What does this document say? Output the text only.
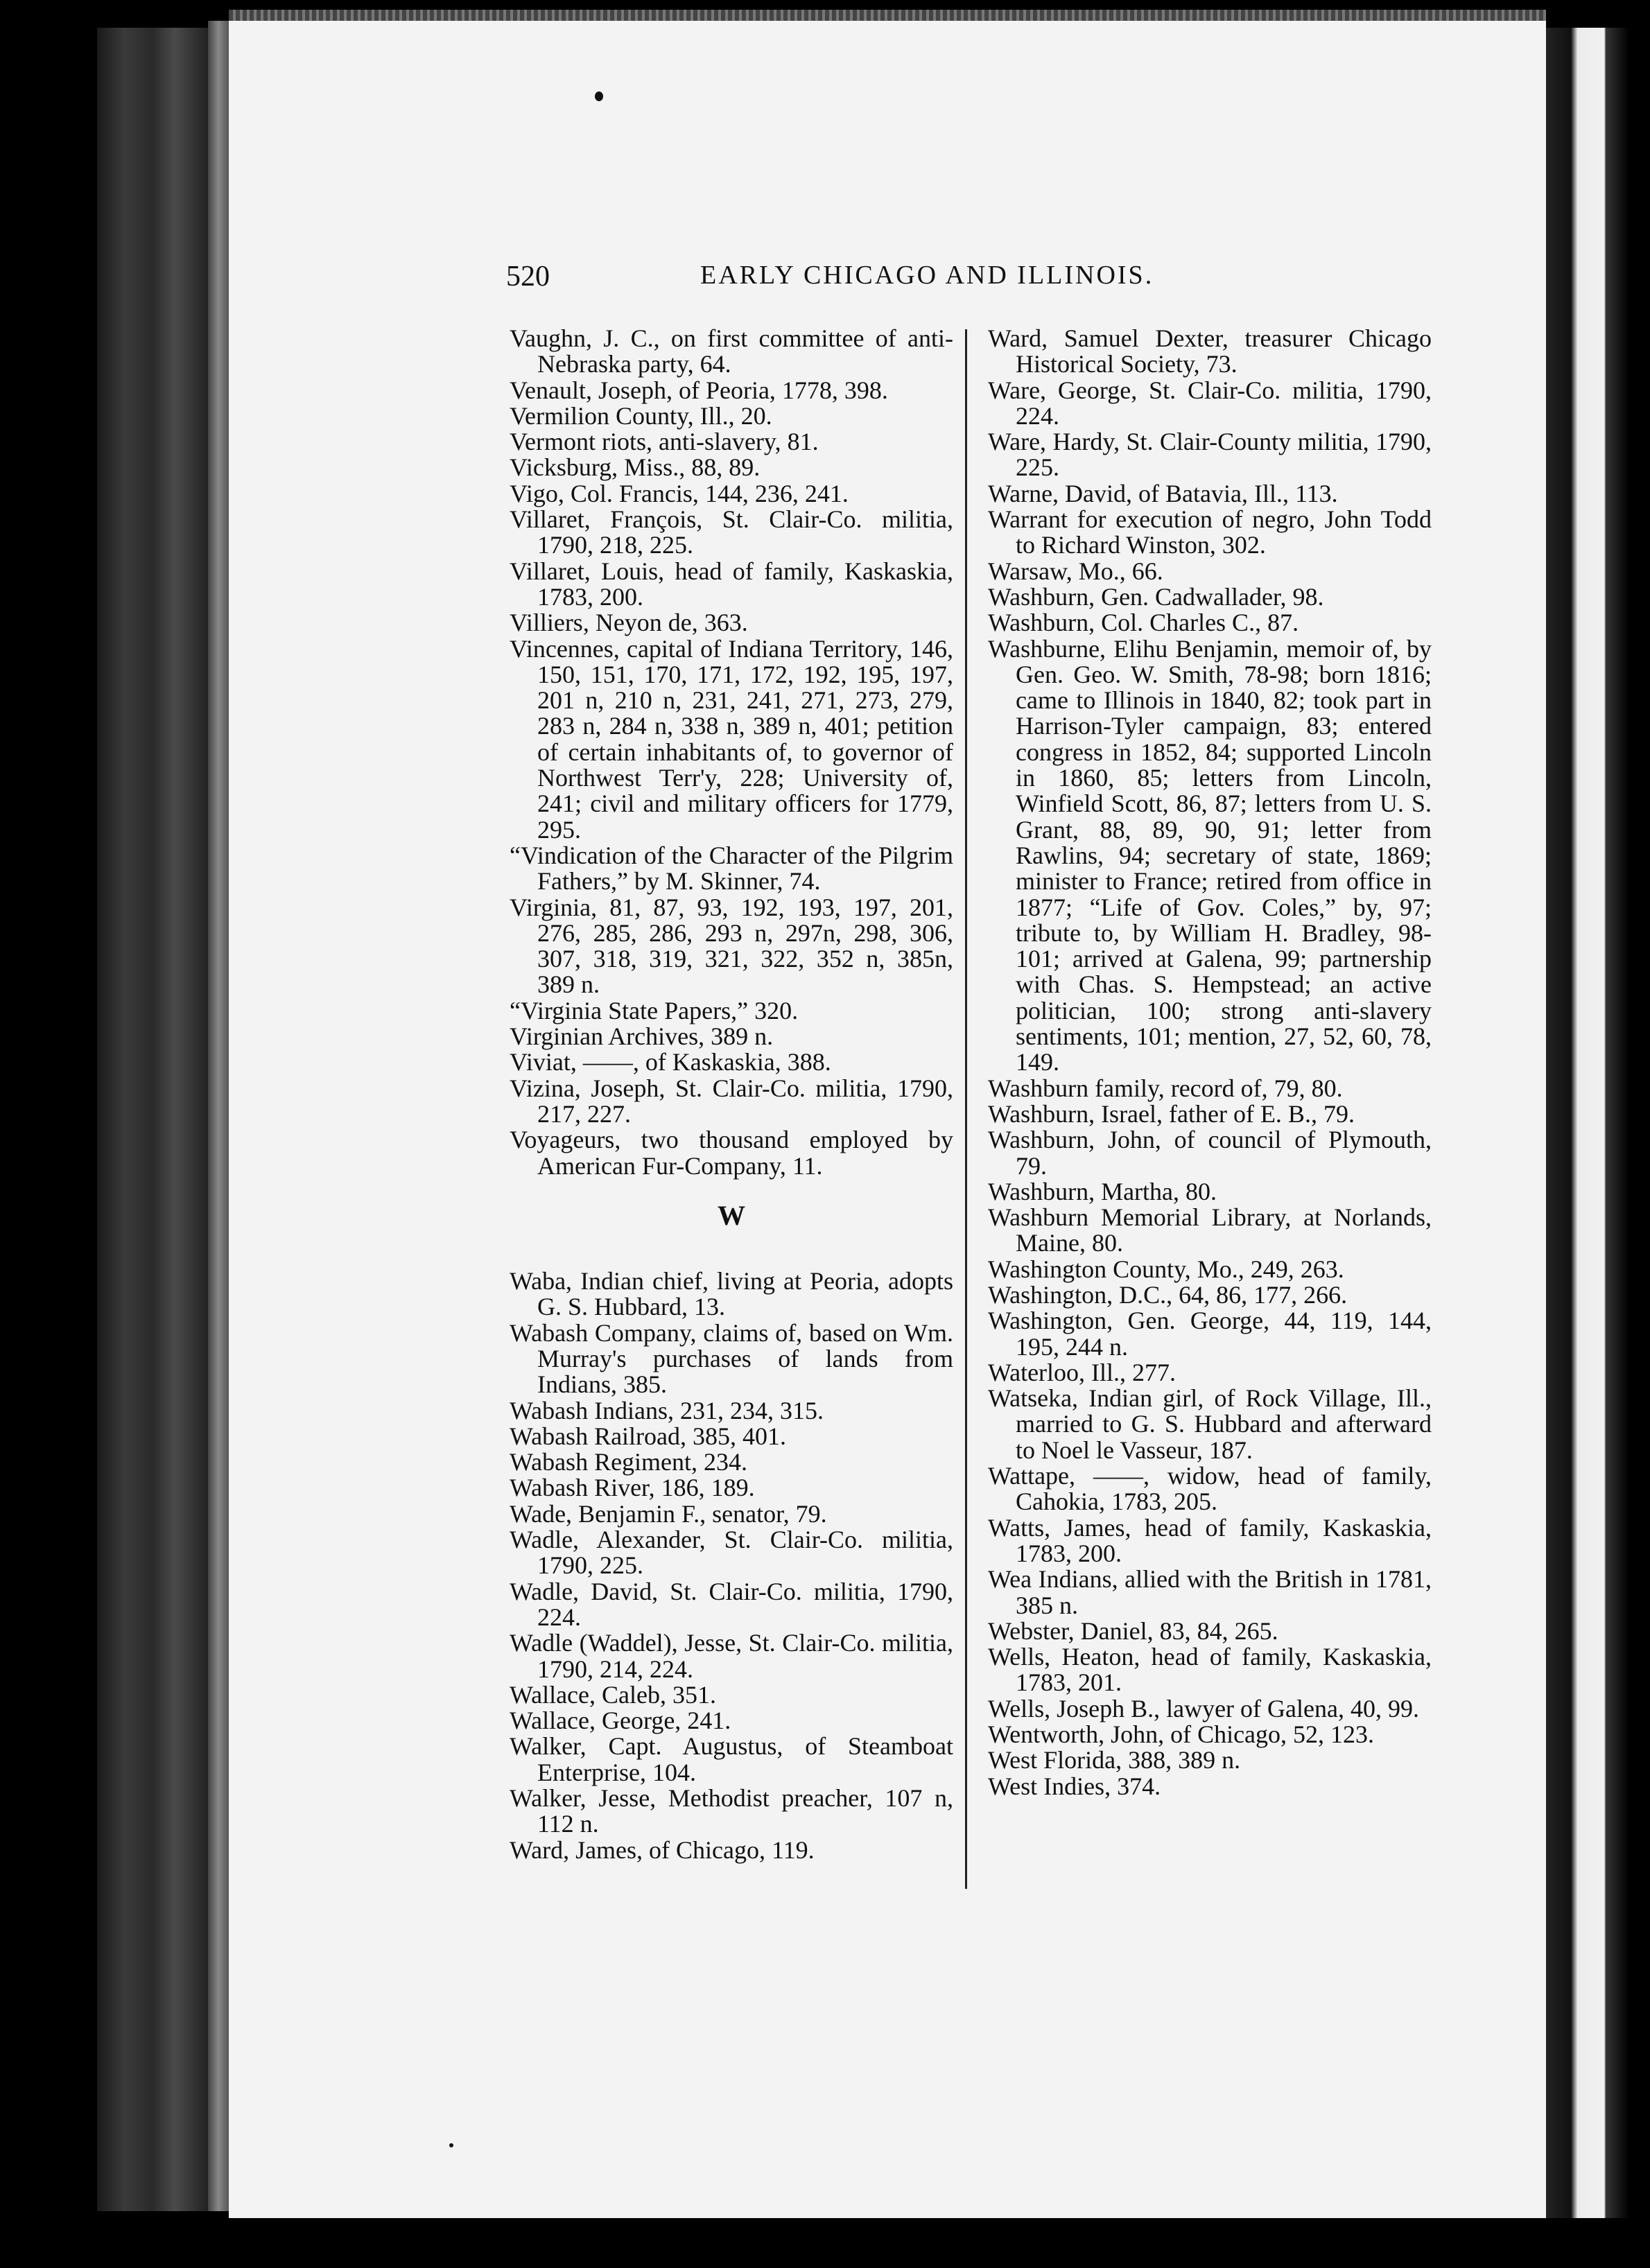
520	EARLY CHICAGO AND ILLINOIS.
Vaughn, J. C., on first committee of anti-Nebraska party, 64.
Venault, Joseph, of Peoria, 1778, 398.
Vermilion County, Ill., 20.
Vermont riots, anti-slavery, 81.
Vicksburg, Miss., 88, 89.
Vigo, Col. Francis, 144, 236, 241.
Villaret, François, St. Clair-Co. militia, 1790, 218, 225.
Villaret, Louis, head of family, Kaskaskia, 1783, 200.
Villiers, Neyon de, 363.
Vincennes, capital of Indiana Territory, 146, 150, 151, 170, 171, 172, 192, 195, 197, 201 n, 210 n, 231, 241, 271, 273, 279, 283 n, 284 n, 338 n, 389 n, 401; petition of certain inhabitants of, to governor of Northwest Terr'y, 228; University of, 241; civil and military officers for 1779, 295.
“Vindication of the Character of the Pilgrim Fathers,” by M. Skinner, 74.
Virginia, 81, 87, 93, 192, 193, 197, 201, 276, 285, 286, 293 n, 297n, 298, 306, 307, 318, 319, 321, 322, 352 n, 385n, 389 n.
“Virginia State Papers,” 320.
Virginian Archives, 389 n.
Viviat, ——, of Kaskaskia, 388.
Vizina, Joseph, St. Clair-Co. militia, 1790, 217, 227.
Voyageurs, two thousand employed by American Fur-Company, 11.
W
Waba, Indian chief, living at Peoria, adopts G. S. Hubbard, 13.
Wabash Company, claims of, based on Wm. Murray's purchases of lands from Indians, 385.
Wabash Indians, 231, 234, 315.
Wabash Railroad, 385, 401.
Wabash Regiment, 234.
Wabash River, 186, 189.
Wade, Benjamin F., senator, 79.
Wadle, Alexander, St. Clair-Co. militia, 1790, 225.
Wadle, David, St. Clair-Co. militia, 1790, 224.
Wadle (Waddel), Jesse, St. Clair-Co. militia, 1790, 214, 224.
Wallace, Caleb, 351.
Wallace, George, 241.
Walker, Capt. Augustus, of Steamboat Enterprise, 104.
Walker, Jesse, Methodist preacher, 107 n, 112 n.
Ward, James, of Chicago, 119.
Ward, Samuel Dexter, treasurer Chicago Historical Society, 73.
Ware, George, St. Clair-Co. militia, 1790, 224.
Ware, Hardy, St. Clair-County militia, 1790, 225.
Warne, David, of Batavia, Ill., 113.
Warrant for execution of negro, John Todd to Richard Winston, 302.
Warsaw, Mo., 66.
Washburn, Gen. Cadwallader, 98.
Washburn, Col. Charles C., 87.
Washburne, Elihu Benjamin, memoir of, by Gen. Geo. W. Smith, 78-98; born 1816; came to Illinois in 1840, 82; took part in Harrison-Tyler campaign, 83; entered congress in 1852, 84; supported Lincoln in 1860, 85; letters from Lincoln, Winfield Scott, 86, 87; letters from U. S. Grant, 88, 89, 90, 91; letter from Rawlins, 94; secretary of state, 1869; minister to France; retired from office in 1877; “Life of Gov. Coles,” by, 97; tribute to, by William H. Bradley, 98-101; arrived at Galena, 99; partnership with Chas. S. Hempstead; an active politician, 100; strong anti-slavery sentiments, 101; mention, 27, 52, 60, 78, 149.
Washburn family, record of, 79, 80.
Washburn, Israel, father of E. B., 79.
Washburn, John, of council of Plymouth, 79.
Washburn, Martha, 80.
Washburn Memorial Library, at Norlands, Maine, 80.
Washington County, Mo., 249, 263.
Washington, D.C., 64, 86, 177, 266.
Washington, Gen. George, 44, 119, 144, 195, 244 n.
Waterloo, Ill., 277.
Watseka, Indian girl, of Rock Village, Ill., married to G. S. Hubbard and afterward to Noel le Vasseur, 187.
Wattape, ——, widow, head of family, Cahokia, 1783, 205.
Watts, James, head of family, Kaskaskia, 1783, 200.
Wea Indians, allied with the British in 1781, 385 n.
Webster, Daniel, 83, 84, 265.
Wells, Heaton, head of family, Kaskaskia, 1783, 201.
Wells, Joseph B., lawyer of Galena, 40, 99.
Wentworth, John, of Chicago, 52, 123.
West Florida, 388, 389 n.
West Indies, 374.
